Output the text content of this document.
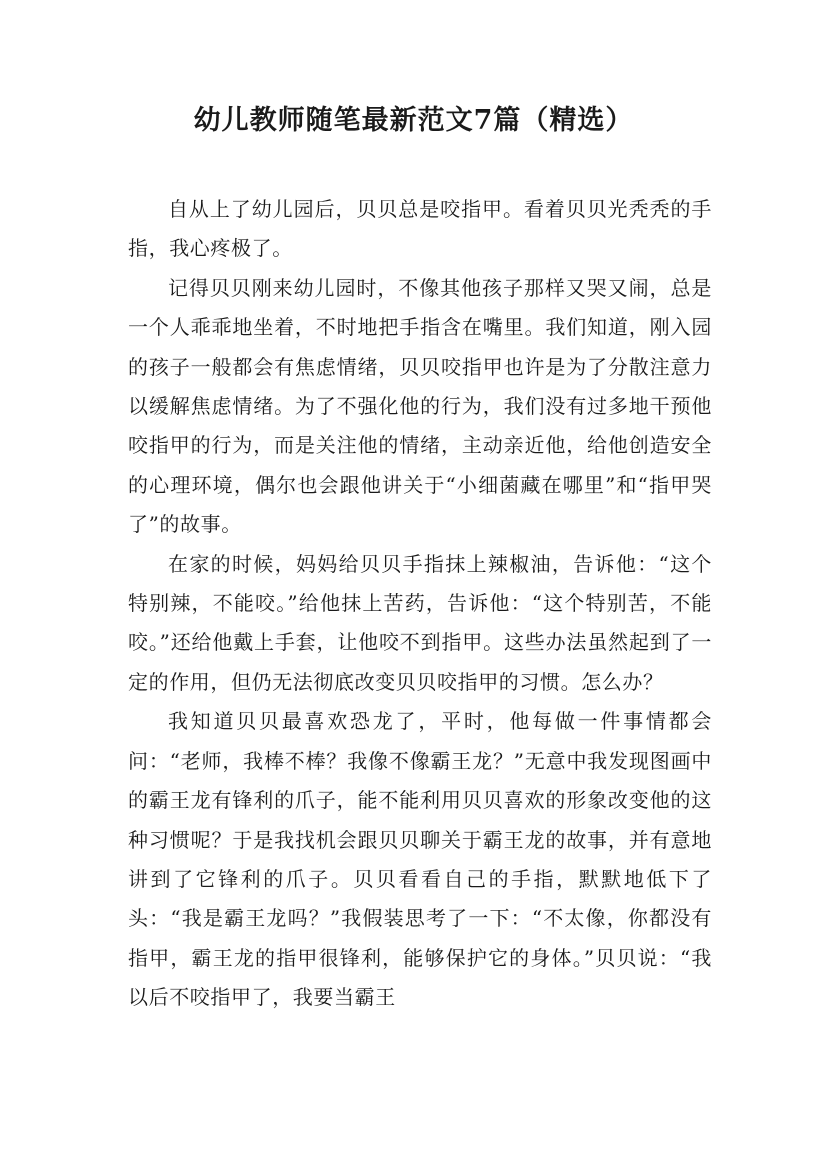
幼儿教师随笔最新范文7篇（精选）

自从上了幼儿园后，贝贝总是咬指甲。看着贝贝光秃秃的手指，我心疼极了。

记得贝贝刚来幼儿园时，不像其他孩子那样又哭又闹，总是一个人乖乖地坐着，不时地把手指含在嘴里。我们知道，刚入园的孩子一般都会有焦虑情绪，贝贝咬指甲也许是为了分散注意力以缓解焦虑情绪。为了不强化他的行为，我们没有过多地干预他咬指甲的行为，而是关注他的情绪，主动亲近他，给他创造安全的心理环境，偶尔也会跟他讲关于“小细菌藏在哪里”和“指甲哭了”的故事。

在家的时候，妈妈给贝贝手指抹上辣椒油，告诉他：“这个特别辣，不能咬。”给他抹上苦药，告诉他：“这个特别苦，不能咬。”还给他戴上手套，让他咬不到指甲。这些办法虽然起到了一定的作用，但仍无法彻底改变贝贝咬指甲的习惯。怎么办？

我知道贝贝最喜欢恐龙了，平时，他每做一件事情都会问：“老师，我棒不棒？我像不像霸王龙？”无意中我发现图画中的霸王龙有锋利的爪子，能不能利用贝贝喜欢的形象改变他的这种习惯呢？于是我找机会跟贝贝聊关于霸王龙的故事，并有意地讲到了它锋利的爪子。贝贝看看自己的手指，默默地低下了头：“我是霸王龙吗？”我假装思考了一下：“不太像，你都没有指甲，霸王龙的指甲很锋利，能够保护它的身体。”贝贝说：“我以后不咬指甲了，我要当霸王
